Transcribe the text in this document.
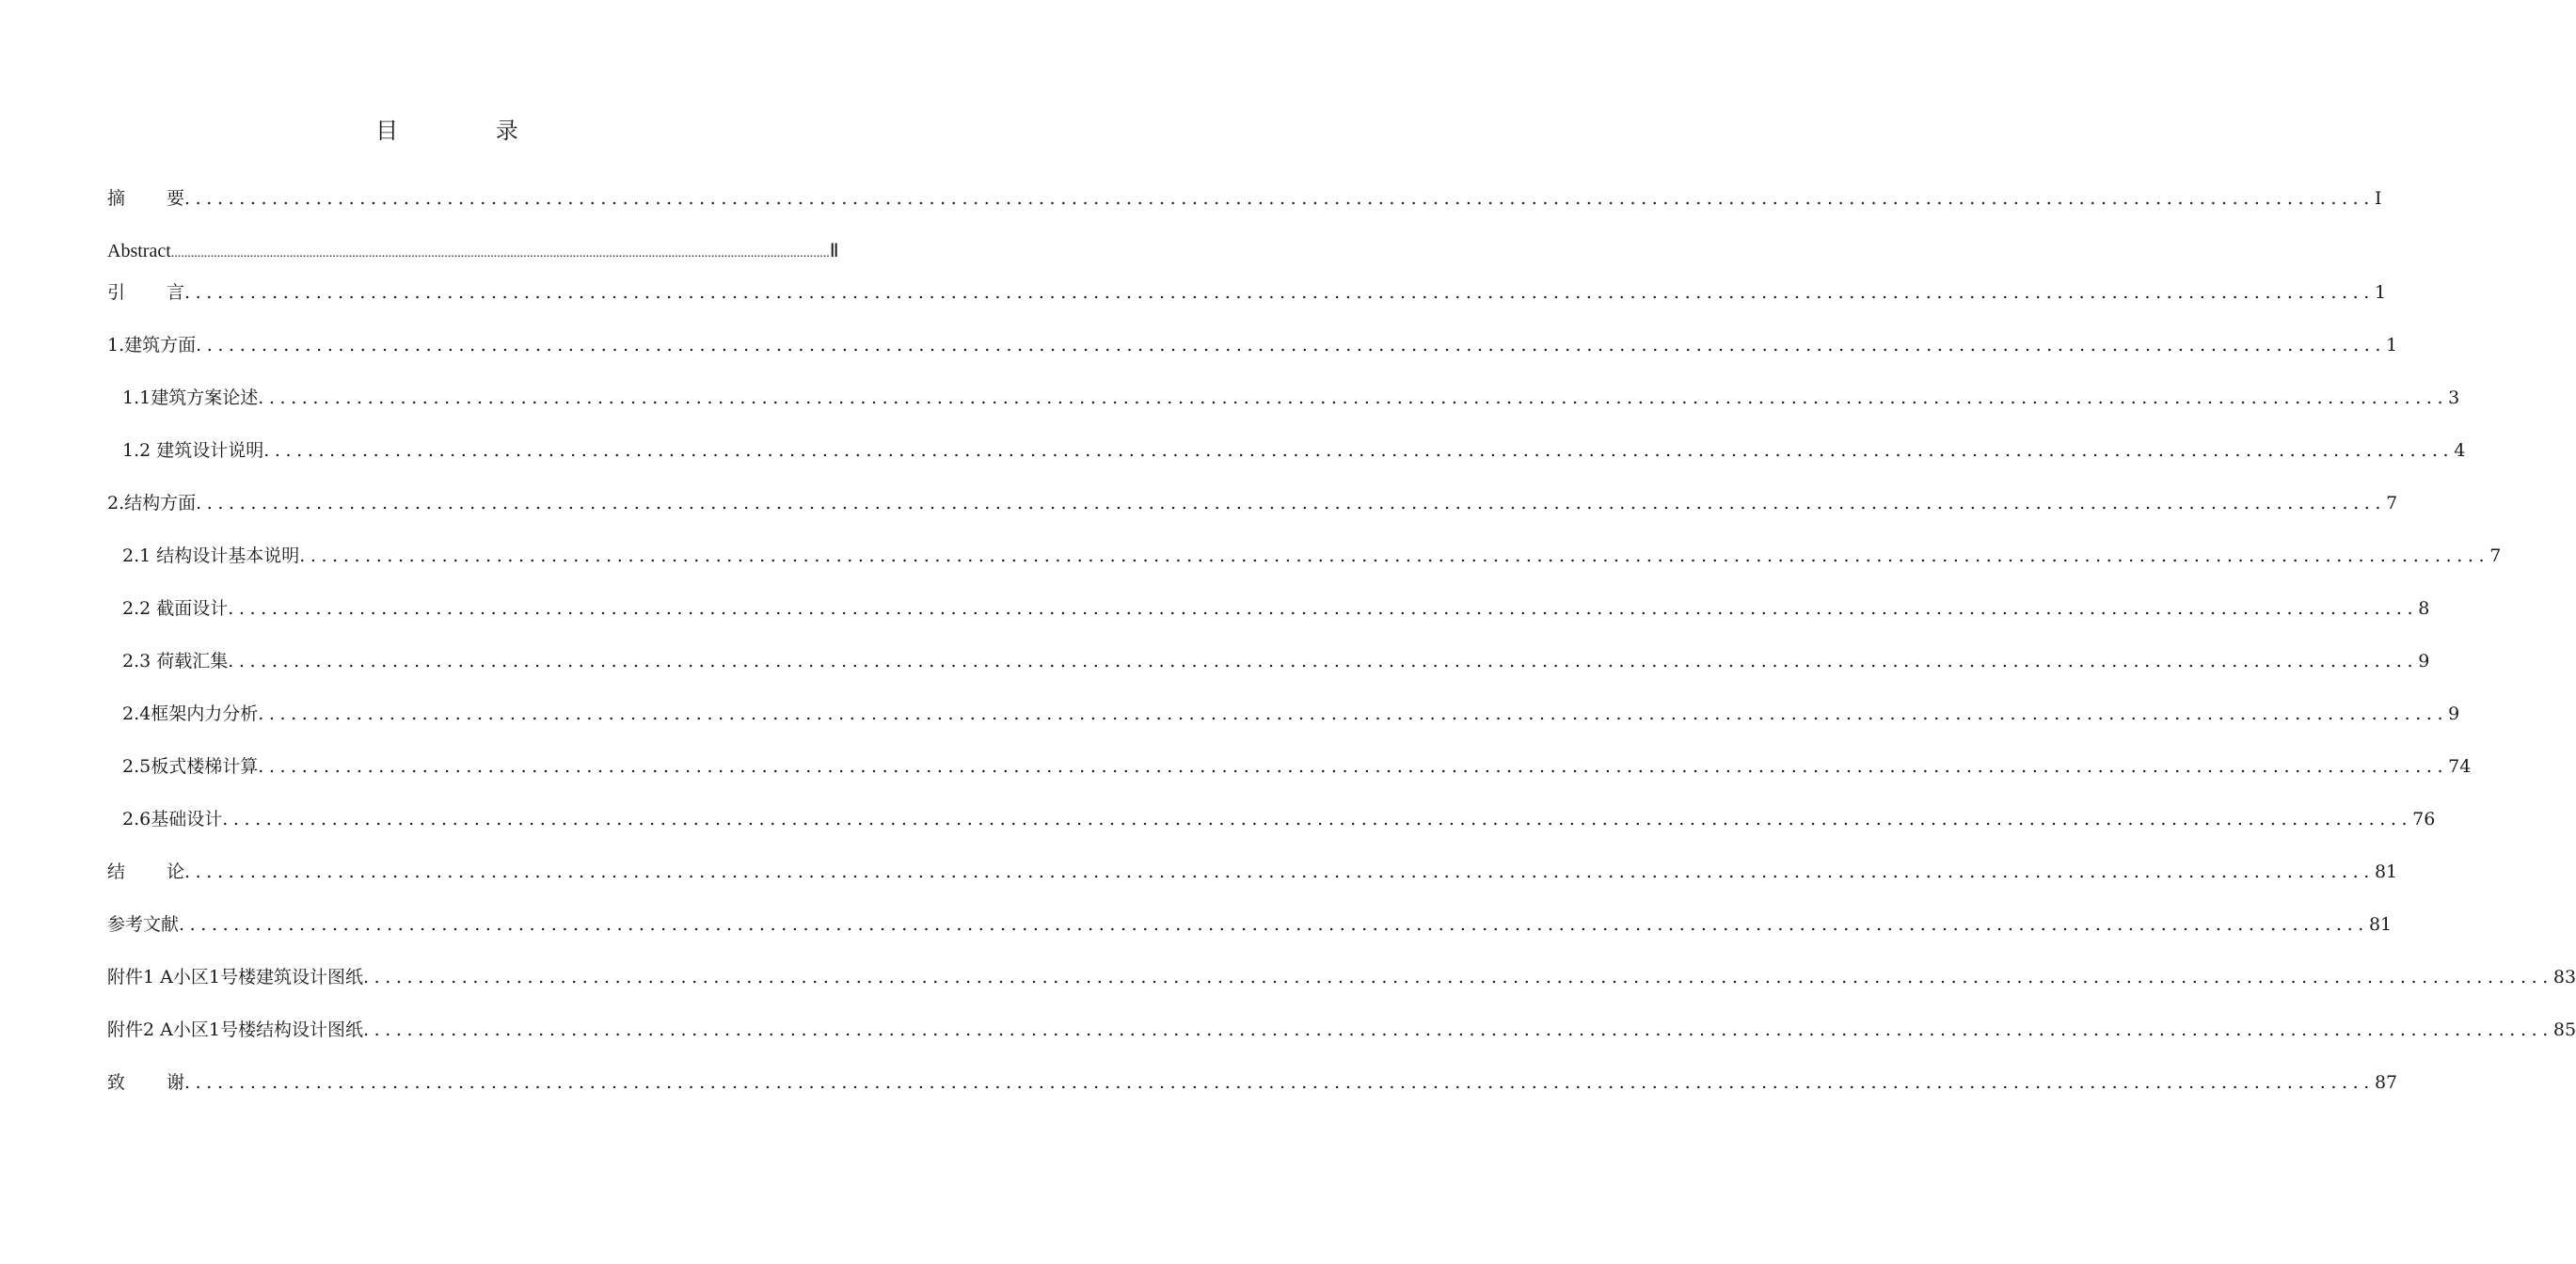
目 录
摘要 ........................................................................................................................................................................................................ Ⅰ
Abstract ........................................................................................................................................................................................................ Ⅱ
引言 ........................................................................................................................................................................................................ 1
1.建筑方面 ........................................................................................................................................................................................................ 1
1.1建筑方案论述 ........................................................................................................................................................................................................ 3
1.2 建筑设计说明 ........................................................................................................................................................................................................ 4
2.结构方面 ........................................................................................................................................................................................................ 7
2.1 结构设计基本说明 ........................................................................................................................................................................................................ 7
2.2 截面设计 ........................................................................................................................................................................................................ 8
2.3 荷载汇集 ........................................................................................................................................................................................................ 9
2.4框架内力分析 ........................................................................................................................................................................................................ 9
2.5板式楼梯计算 ........................................................................................................................................................................................................ 74
2.6基础设计 ........................................................................................................................................................................................................ 76
结论 ........................................................................................................................................................................................................ 81
参考文献 ........................................................................................................................................................................................................ 81
附件1 A小区1号楼建筑设计图纸 ........................................................................................................................................................................................................ 83
附件2 A小区1号楼结构设计图纸 ........................................................................................................................................................................................................ 85
致谢 ........................................................................................................................................................................................................ 87
